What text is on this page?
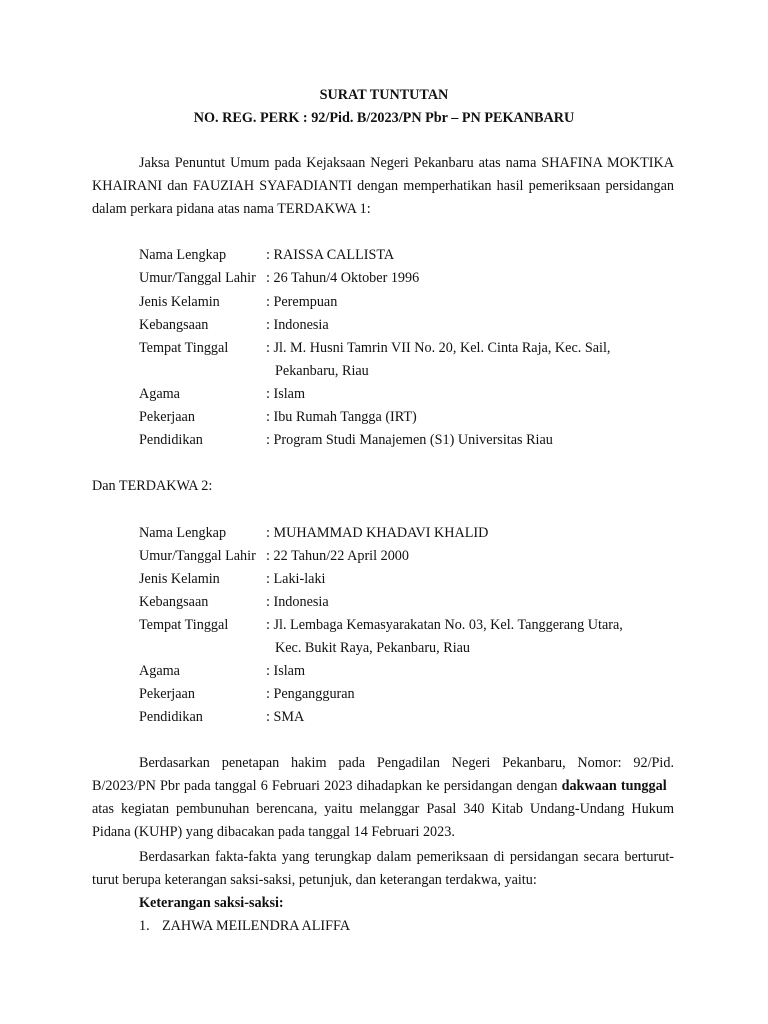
SURAT TUNTUTAN
NO. REG. PERK : 92/Pid. B/2023/PN Pbr – PN PEKANBARU
Jaksa Penuntut Umum pada Kejaksaan Negeri Pekanbaru atas nama SHAFINA MOKTIKA
KHAIRANI dan FAUZIAH SYAFADIANTI dengan memperhatikan hasil pemeriksaan persidangan
dalam perkara pidana atas nama TERDAKWA 1:
Nama Lengkap	: RAISSA CALLISTA
Umur/Tanggal Lahir : 26 Tahun/4 Oktober 1996
Jenis Kelamin	: Perempuan
Kebangsaan	: Indonesia
Tempat Tinggal	: Jl. M. Husni Tamrin VII No. 20, Kel. Cinta Raja, Kec. Sail,
Pekanbaru, Riau
Agama	: Islam
Pekerjaan	: Ibu Rumah Tangga (IRT)
Pendidikan	: Program Studi Manajemen (S1) Universitas Riau
Dan TERDAKWA 2:
Nama Lengkap	: MUHAMMAD KHADAVI KHALID
Umur/Tanggal Lahir : 22 Tahun/22 April 2000
Jenis Kelamin	: Laki-laki
Kebangsaan	: Indonesia
Tempat Tinggal	: Jl. Lembaga Kemasyarakatan No. 03, Kel. Tanggerang Utara,
Kec. Bukit Raya, Pekanbaru, Riau
Agama	: Islam
Pekerjaan	: Pengangguran
Pendidikan	: SMA
Berdasarkan penetapan hakim pada Pengadilan Negeri Pekanbaru, Nomor: 92/Pid.
B/2023/PN Pbr pada tanggal 6 Februari 2023 dihadapkan ke persidangan dengan dakwaan tunggal
atas kegiatan pembunuhan berencana, yaitu melanggar Pasal 340 Kitab Undang-Undang Hukum
Pidana (KUHP) yang dibacakan pada tanggal 14 Februari 2023.
Berdasarkan fakta-fakta yang terungkap dalam pemeriksaan di persidangan secara berturut-
turut berupa keterangan saksi-saksi, petunjuk, dan keterangan terdakwa, yaitu:
Keterangan saksi-saksi:
1. ZAHWA MEILENDRA ALIFFA
